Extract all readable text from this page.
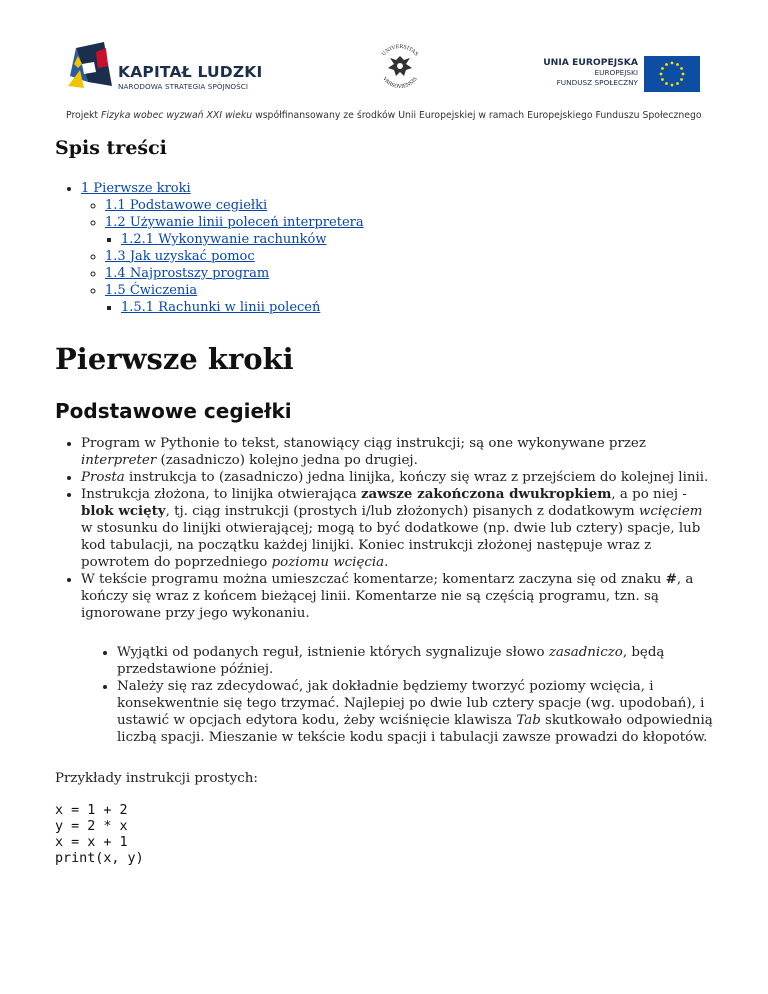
KAPITAŁ LUDZKI
NARODOWA STRATEGIA SPÓJNOŚCI
UNIVERSITAS
VARSOVIENSIS
UNIA EUROPEJSKA
EUROPEJSKI
FUNDUSZ SPOŁECZNY
Projekt Fizyka wobec wyzwań XXI wieku współfinansowany ze środków Unii Europejskiej w ramach Europejskiego Funduszu Społecznego
Spis treści
• 1 Pierwsze kroki
◦ 1.1 Podstawowe cegiełki
◦ 1.2 Używanie linii poleceń interpretera
▪ 1.2.1 Wykonywanie rachunków
◦ 1.3 Jak uzyskać pomoc
◦ 1.4 Najprostszy program
◦ 1.5 Ćwiczenia
▪ 1.5.1 Rachunki w linii poleceń
Pierwsze kroki
Podstawowe cegiełki
• Program w Pythonie to tekst, stanowiący ciąg instrukcji; są one wykonywane przez interpreter (zasadniczo) kolejno jedna po drugiej.
• Prosta instrukcja to (zasadniczo) jedna linijka, kończy się wraz z przejściem do kolejnej linii.
• Instrukcja złożona, to linijka otwierająca zawsze zakończona dwukropkiem, a po niej - blok wcięty, tj. ciąg instrukcji (prostych i/lub złożonych) pisanych z dodatkowym wcięciem w stosunku do linijki otwierającej; mogą to być dodatkowe (np. dwie lub cztery) spacje, lub kod tabulacji, na początku każdej linijki. Koniec instrukcji złożonej następuje wraz z powrotem do poprzedniego poziomu wcięcia.
• W tekście programu można umieszczać komentarze; komentarz zaczyna się od znaku #, a kończy się wraz z końcem bieżącej linii. Komentarze nie są częścią programu, tzn. są ignorowane przy jego wykonaniu.
• Wyjątki od podanych reguł, istnienie których sygnalizuje słowo zasadniczo, będą przedstawione później.
• Należy się raz zdecydować, jak dokładnie będziemy tworzyć poziomy wcięcia, i konsekwentnie się tego trzymać. Najlepiej po dwie lub cztery spacje (wg. upodobań), i ustawić w opcjach edytora kodu, żeby wciśnięcie klawisza Tab skutkowało odpowiednią liczbą spacji. Mieszanie w tekście kodu spacji i tabulacji zawsze prowadzi do kłopotów.

Przykłady instrukcji prostych:

x = 1 + 2
y = 2 * x
x = x + 1
print(x, y)
